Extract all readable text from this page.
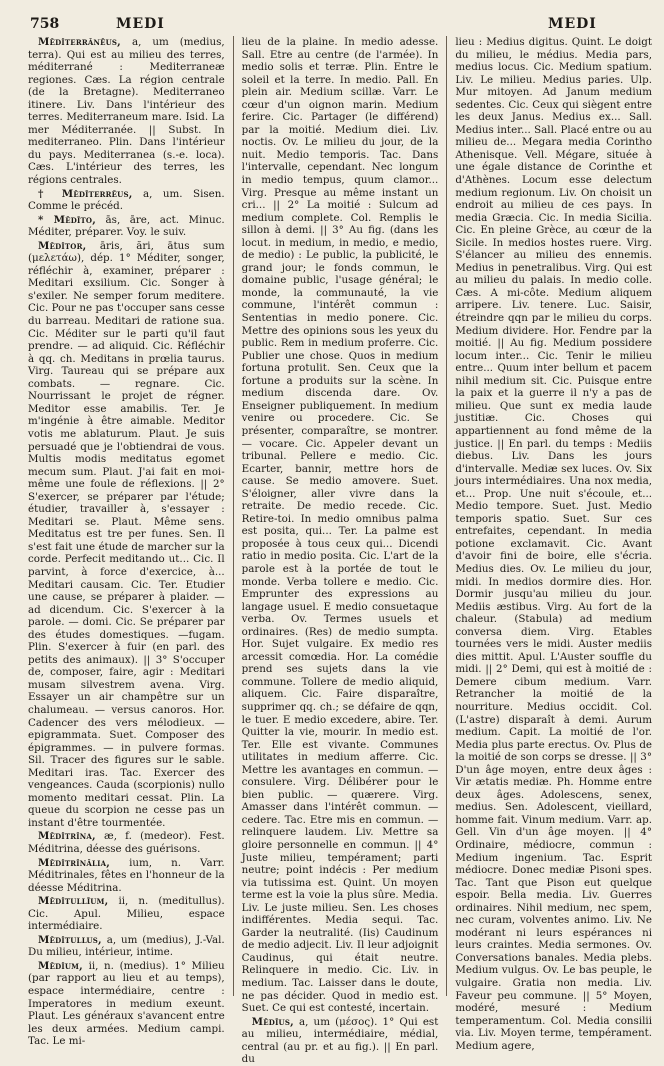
758	MEDI	MEDI

Mēdĭterrānĕus, a, um (medius, terra). Qui est au milieu des terres, méditerrané : Mediterraneæ regiones. Cæs. La région centrale (de la Bretagne). Mediterraneo itinere. Liv. Dans l'intérieur des terres. Mediterraneum mare. Isid. La mer Méditerranée. || Subst. In mediterraneo. Plin. Dans l'intérieur du pays. Mediterranea (s.-e. loca). Cæs. L'intérieur des terres, les régions centrales.

† Mēdĭterrĕus, a, um. Sisen. Comme le précéd.

* Mēdĭto, ās, āre, act. Minuc. Méditer, préparer. Voy. le suiv.

Mēdĭtor, āris, ări, ātus sum (μελετάω), dép. 1° Méditer, songer, réfléchir à, examiner, préparer : Meditari exsilium. Cic. Songer à s'exiler. Ne semper forum meditere. Cic. Pour ne pas t'occuper sans cesse du barreau. Meditari de ratione sua. Cic. Méditer sur le parti qu'il faut prendre. — ad aliquid. Cic. Réfléchir à qq. ch. Meditans in prœlia taurus. Virg. Taureau qui se prépare aux combats. — regnare. Cic. Nourrissant le projet de régner. Meditor esse amabilis. Ter. Je m'ingénie à être aimable. Meditor votis me ablaturum. Plaut. Je suis persuadé que je l'obtiendrai de vous. Multis modis meditatus egomet mecum sum. Plaut. J'ai fait en moi-même une foule de réflexions. || 2° S'exercer, se préparer par l'étude; étudier, travailler à, s'essayer : Meditari se. Plaut. Même sens. Meditatus est tre per funes. Sen. Il s'est fait une étude de marcher sur la corde. Perfecit meditando ut... Cic. Il parvint, à force d'exercice, à... Meditari causam. Cic. Ter. Etudier une cause, se préparer à plaider. — ad dicendum. Cic. S'exercer à la parole. — domi. Cic. Se préparer par des études domestiques. —fugam. Plin. S'exercer à fuir (en parl. des petits des animaux). || 3° S'occuper de, composer, faire, agir : Meditari musam silvestrem avena. Virg. Essayer un air champêtre sur un chalumeau. — versus canoros. Hor. Cadencer des vers mélodieux. —epigrammata. Suet. Composer des épigrammes. — in pulvere formas. Sil. Tracer des figures sur le sable. Meditari iras. Tac. Exercer des vengeances. Cauda (scorpionis) nullo momento meditari cessat. Plin. La queue du scorpion ne cesse pas un instant d'être tourmentée.

Mēdĭtrīna, æ, f. (medeor). Fest. Méditrina, déesse des guérisons.

Mēdĭtrīnālia, ium, n. Varr. Méditrinales, fêtes en l'honneur de la déesse Méditrina.

Mēdĭtullĭum, ii, n. (meditullus). Cic. Apul. Milieu, espace intermédiaire.

Mēdĭtullus, a, um (medius), J.-Val. Du milieu, intérieur, intime.

Mēdĭum, ii, n. (medius). 1° Milieu (par rapport au lieu et au temps), espace intermédiaire, centre : Imperatores in medium exeunt. Plaut. Les généraux s'avancent entre les deux armées. Medium campi. Tac. Le mi-

lieu de la plaine. In medio adesse. Sall. Etre au centre (de l'armée). In medio solis et terræ. Plin. Entre le soleil et la terre. In medio. Pall. En plein air. Medium scillæ. Varr. Le cœur d'un oignon marin. Medium ferire. Cic. Partager (le différend) par la moitié. Medium diei. Liv. noctis. Ov. Le milieu du jour, de la nuit. Medio temporis. Tac. Dans l'intervalle, cependant. Nec longum in medio tempus, quum clamor... Virg. Presque au même instant un cri... || 2° La moitié : Sulcum ad medium complete. Col. Remplis le sillon à demi. || 3° Au fig. (dans les locut. in medium, in medio, e medio, de medio) : Le public, la publicité, le grand jour; le fonds commun, le domaine public, l'usage général; le monde, la communauté, la vie commune, l'intérêt commun : Sententias in medio ponere. Cic. Mettre des opinions sous les yeux du public. Rem in medium proferre. Cic. Publier une chose. Quos in medium fortuna protulit. Sen. Ceux que la fortune a produits sur la scène. In medium discenda dare. Ov. Enseigner publiquement. In medium venire ou procedere. Cic. Se présenter, comparaître, se montrer. — vocare. Cic. Appeler devant un tribunal. Pellere e medio. Cic. Ecarter, bannir, mettre hors de cause. Se medio amovere. Suet. S'éloigner, aller vivre dans la retraite. De medio recede. Cic. Retire-toi. In medio omnibus palma est posita, qui... Ter. La palme est proposée à tous ceux qui... Dicendi ratio in medio posita. Cic. L'art de la parole est à la portée de tout le monde. Verba tollere e medio. Cic. Emprunter des expressions au langage usuel. E medio consuetaque verba. Ov. Termes usuels et ordinaires. (Res) de medio sumpta. Hor. Sujet vulgaire. Ex medio res arcessit comœdia. Hor. La comédie prend ses sujets dans la vie commune. Tollere de medio aliquid, aliquem. Cic. Faire disparaître, supprimer qq. ch.; se défaire de qqn, le tuer. E medio excedere, abire. Ter. Quitter la vie, mourir. In medio est. Ter. Elle est vivante. Communes utilitates in medium afferre. Cic. Mettre les avantages en commun. — consulere. Virg. Délibérer pour le bien public. — quærere. Virg. Amasser dans l'intérêt commun. — cedere. Tac. Etre mis en commun. — relinquere laudem. Liv. Mettre sa gloire personnelle en commun. || 4° Juste milieu, tempérament; parti neutre; point indécis : Per medium via tutissima est. Quint. Un moyen terme est la voie la plus sûre. Media. Liv. Le juste milieu. Sen. Les choses indifférentes. Media sequi. Tac. Garder la neutralité. (Iis) Caudinum de medio adjecit. Liv. Il leur adjoignit Caudinus, qui était neutre. Relinquere in medio. Cic. Liv. in medium. Tac. Laisser dans le doute, ne pas décider. Quod in medio est. Suet. Ce qui est contesté, incertain.

Mĕdĭus, a, um (μέσος). 1° Qui est au milieu, intermédiaire, médial, central (au pr. et au fig.). || En parl. du

lieu : Medius digitus. Quint. Le doigt du milieu, le médius. Media pars, medius locus. Cic. Medium spatium. Liv. Le milieu. Medius paries. Ulp. Mur mitoyen. Ad Janum medium sedentes. Cic. Ceux qui siègent entre les deux Janus. Medius ex... Sall. Medius inter... Sall. Placé entre ou au milieu de... Megara media Corintho Athenisque. Vell. Mégare, située à une égale distance de Corinthe et d'Athènes. Locum esse delectum medium regionum. Liv. On choisit un endroit au milieu de ces pays. In media Græcia. Cic. In media Sicilia. Cic. En pleine Grèce, au cœur de la Sicile. In medios hostes ruere. Virg. S'élancer au milieu des ennemis. Medius in penetralibus. Virg. Qui est au milieu du palais. In medio colle. Cæs. A mi-côte. Medium aliquem arripere. Liv. tenere. Luc. Saisir, étreindre qqn par le milieu du corps. Medium dividere. Hor. Fendre par la moitié. || Au fig. Medium possidere locum inter... Cic. Tenir le milieu entre... Quum inter bellum et pacem nihil medium sit. Cic. Puisque entre la paix et la guerre il n'y a pas de milieu. Que sunt ex media laude justitiæ. Cic. Choses qui appartiennent au fond même de la justice. || En parl. du temps : Mediis diebus. Liv. Dans les jours d'intervalle. Mediæ sex luces. Ov. Six jours intermédiaires. Una nox media, et... Prop. Une nuit s'écoule, et... Medio tempore. Suet. Just. Medio temporis spatio. Suet. Sur ces entrefaites, cependant. In media potione exclamavit. Cic. Avant d'avoir fini de boire, elle s'écria. Medius dies. Ov. Le milieu du jour, midi. In medios dormire dies. Hor. Dormir jusqu'au milieu du jour. Mediis æstibus. Virg. Au fort de la chaleur. (Stabula) ad medium conversa diem. Virg. Etables tournées vers le midi. Auster mediis dies mittit. Apul. L'Auster souffle du midi. || 2° Demi, qui est à moitié de : Demere cibum medium. Varr. Retrancher la moitié de la nourriture. Medius occidit. Col. (L'astre) disparaît à demi. Aurum medium. Capit. La moitié de l'or. Media plus parte erectus. Ov. Plus de la moitié de son corps se dresse. || 3° D'un âge moyen, entre deux âges : Vir ætatis mediæ. Ph. Homme entre deux âges. Adolescens, senex, medius. Sen. Adolescent, vieillard, homme fait. Vinum medium. Varr. ap. Gell. Vin d'un âge moyen. || 4° Ordinaire, médiocre, commun : Medium ingenium. Tac. Esprit médiocre. Donec mediæ Pisoni spes. Tac. Tant que Pison eut quelque espoir. Bella media. Liv. Guerres ordinaires. Nihil medium, nec spem, nec curam, volventes animo. Liv. Ne modérant ni leurs espérances ni leurs craintes. Media sermones. Ov. Conversations banales. Media plebs. Medium vulgus. Ov. Le bas peuple, le vulgaire. Gratia non media. Liv. Faveur peu commune. || 5° Moyen, modéré, mesuré : Medium temperamentum. Col. Media consilii via. Liv. Moyen terme, tempérament. Medium agere,
